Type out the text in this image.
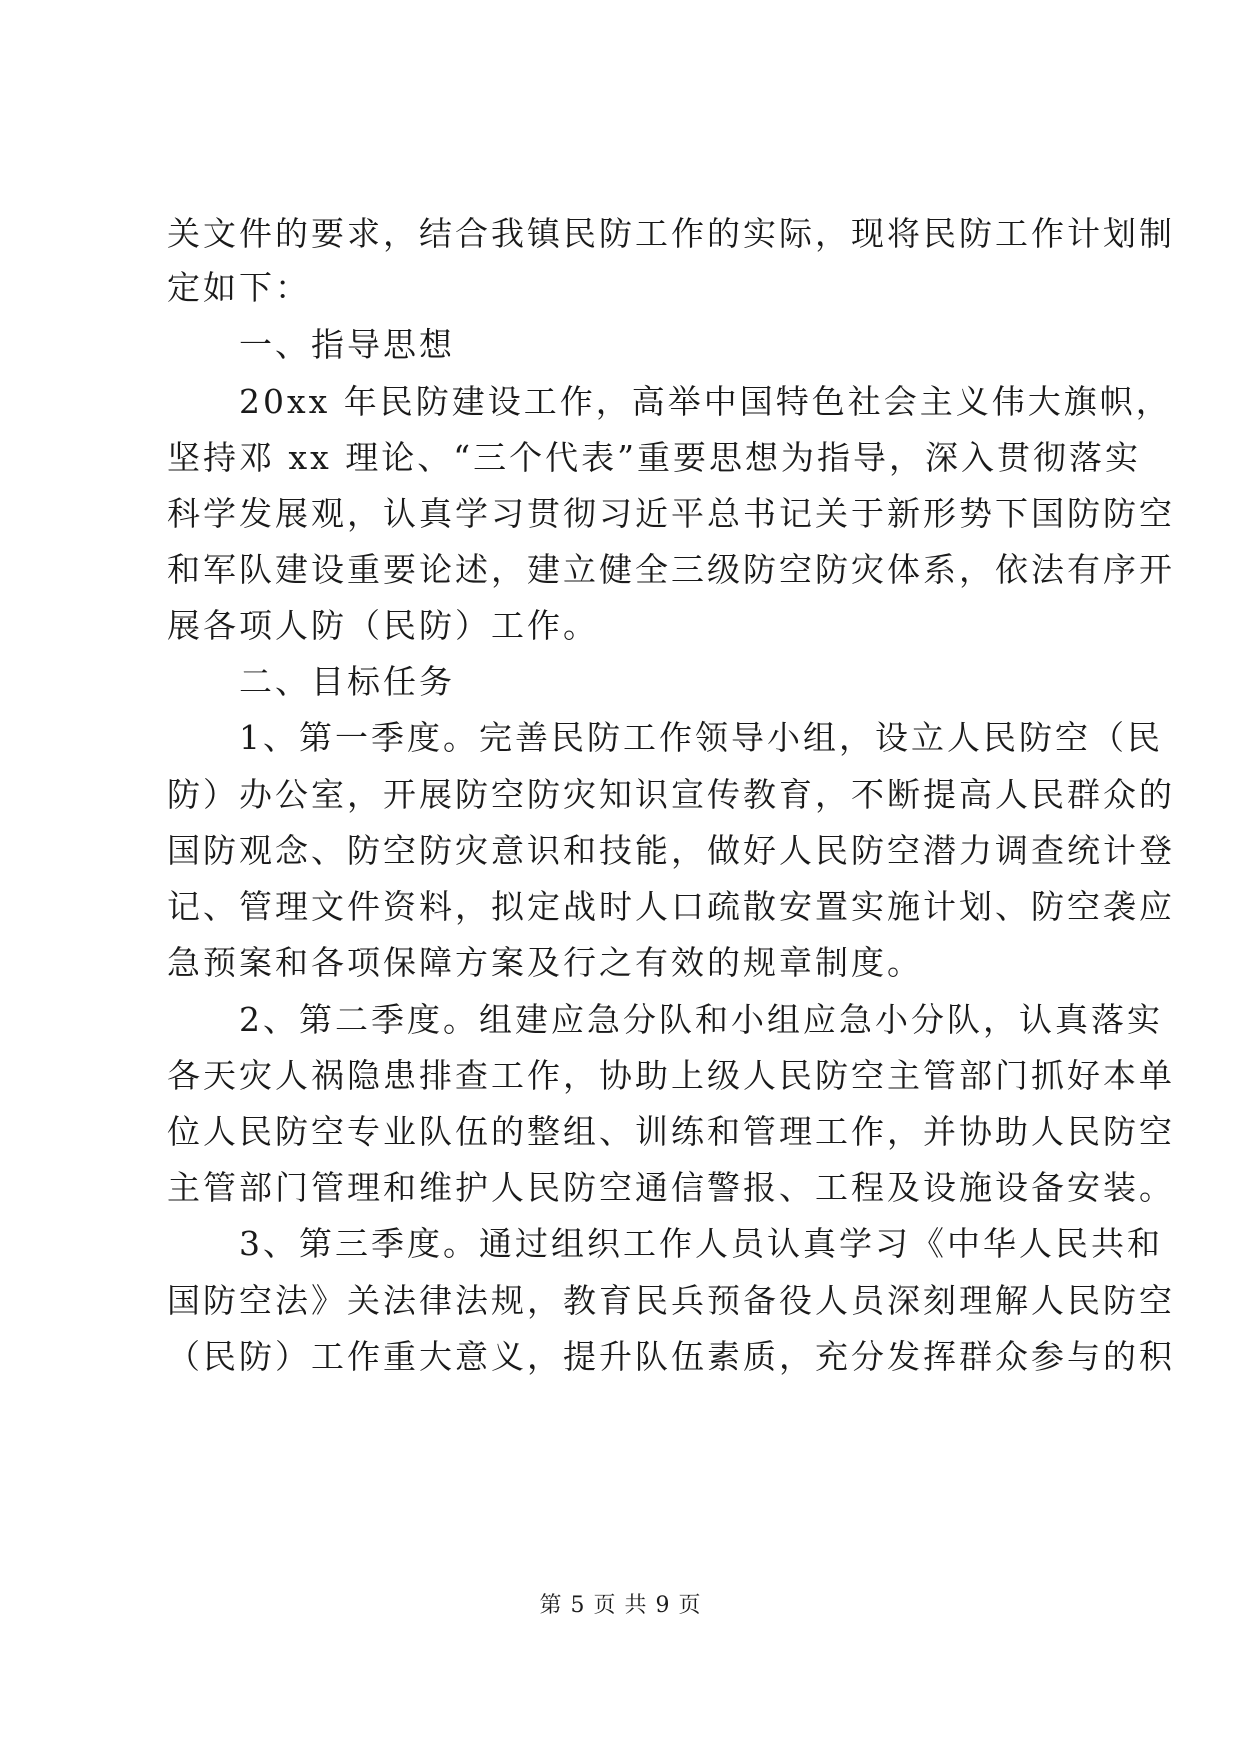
关文件的要求，结合我镇民防工作的实际，现将民防工作计划制
定如下：
　　一、指导思想
　　20xx 年民防建设工作，高举中国特色社会主义伟大旗帜，
坚持邓 xx 理论、“三个代表”重要思想为指导，深入贯彻落实
科学发展观，认真学习贯彻习近平总书记关于新形势下国防防空
和军队建设重要论述，建立健全三级防空防灾体系，依法有序开
展各项人防（民防）工作。
　　二、目标任务
　　1、第一季度。完善民防工作领导小组，设立人民防空（民
防）办公室，开展防空防灾知识宣传教育，不断提高人民群众的
国防观念、防空防灾意识和技能，做好人民防空潜力调查统计登
记、管理文件资料，拟定战时人口疏散安置实施计划、防空袭应
急预案和各项保障方案及行之有效的规章制度。
　　2、第二季度。组建应急分队和小组应急小分队，认真落实
各天灾人祸隐患排查工作，协助上级人民防空主管部门抓好本单
位人民防空专业队伍的整组、训练和管理工作，并协助人民防空
主管部门管理和维护人民防空通信警报、工程及设施设备安装。
　　3、第三季度。通过组织工作人员认真学习《中华人民共和
国防空法》关法律法规，教育民兵预备役人员深刻理解人民防空
（民防）工作重大意义，提升队伍素质，充分发挥群众参与的积
第 5 页 共 9 页
